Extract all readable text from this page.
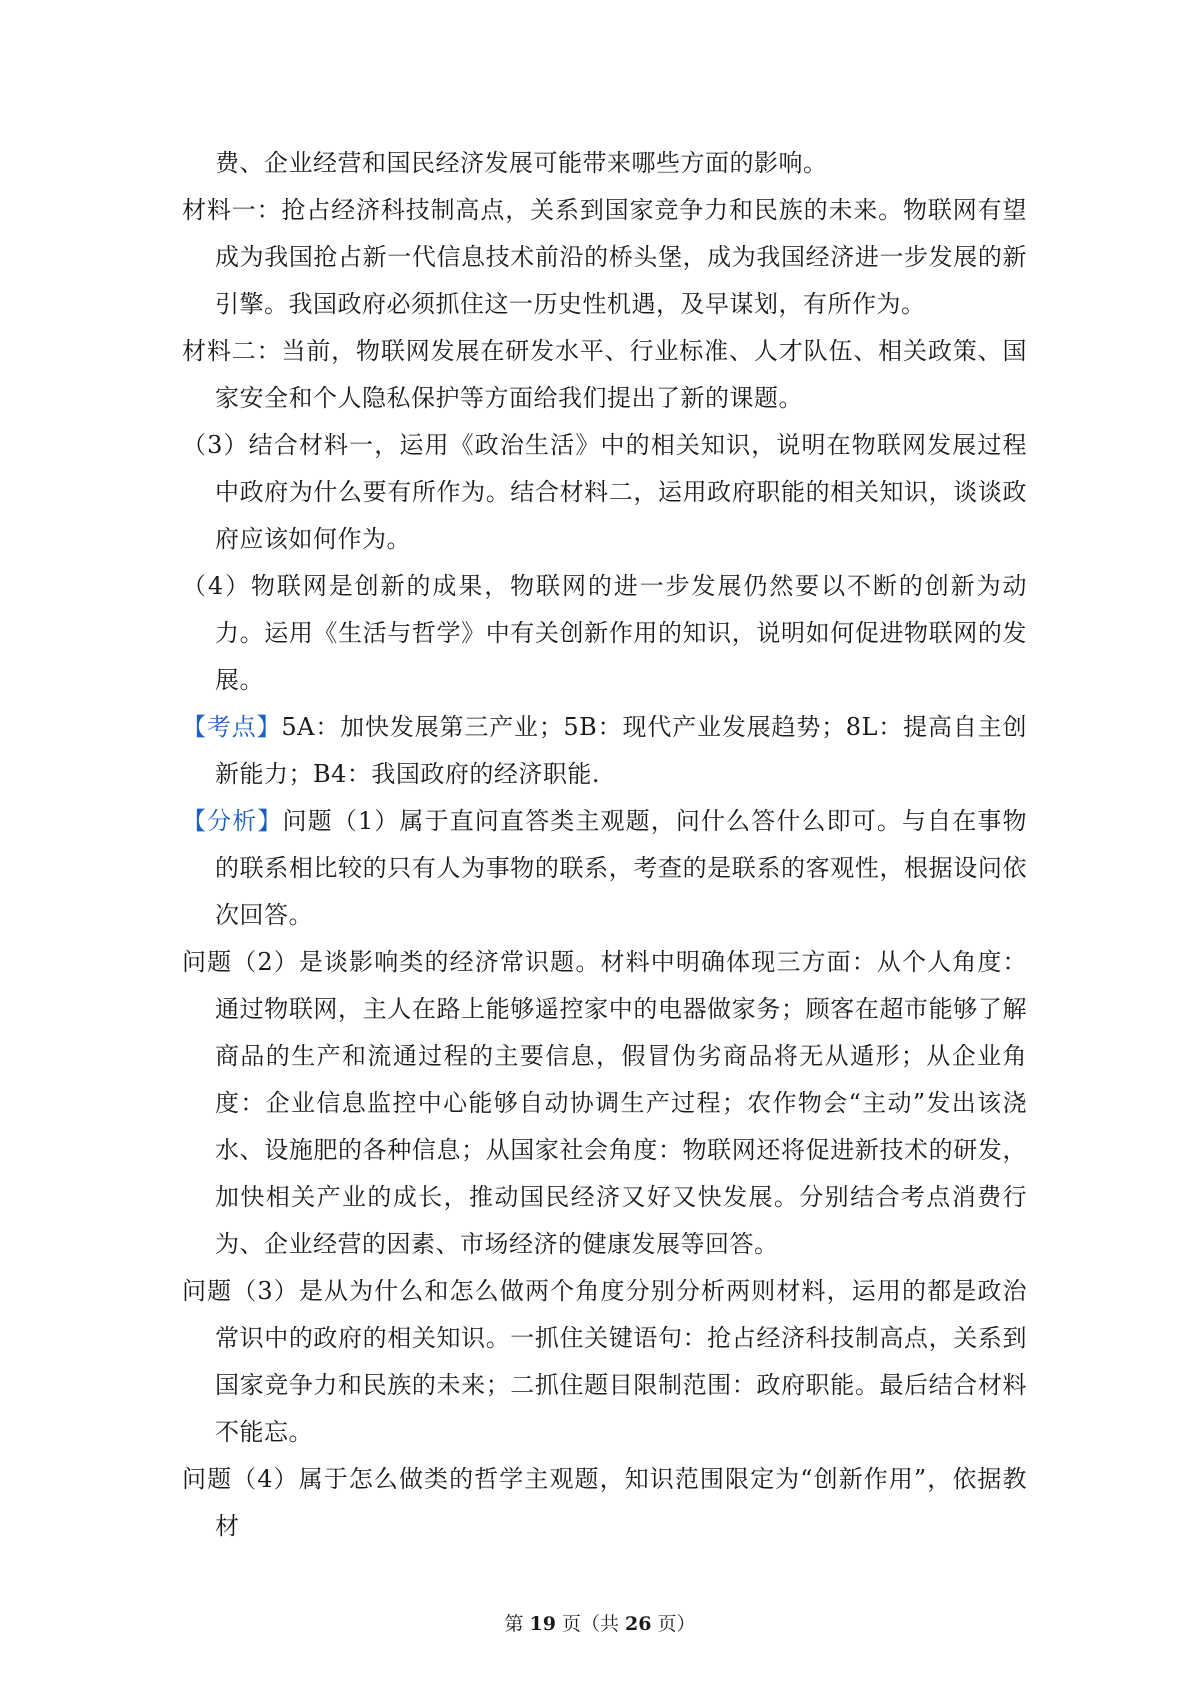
费、企业经营和国民经济发展可能带来哪些方面的影响。
材料一：抢占经济科技制高点，关系到国家竞争力和民族的未来。物联网有望成为我国抢占新一代信息技术前沿的桥头堡，成为我国经济进一步发展的新引擎。我国政府必须抓住这一历史性机遇，及早谋划，有所作为。
材料二：当前，物联网发展在研发水平、行业标准、人才队伍、相关政策、国家安全和个人隐私保护等方面给我们提出了新的课题。
（3）结合材料一，运用《政治生活》中的相关知识，说明在物联网发展过程中政府为什么要有所作为。结合材料二，运用政府职能的相关知识，谈谈政府应该如何作为。
（4）物联网是创新的成果，物联网的进一步发展仍然要以不断的创新为动力。运用《生活与哲学》中有关创新作用的知识，说明如何促进物联网的发展。
【考点】5A：加快发展第三产业；5B：现代产业发展趋势；8L：提高自主创新能力；B4：我国政府的经济职能.
【分析】问题（1）属于直问直答类主观题，问什么答什么即可。与自在事物的联系相比较的只有人为事物的联系，考查的是联系的客观性，根据设问依次回答。
问题（2）是谈影响类的经济常识题。材料中明确体现三方面：从个人角度：通过物联网，主人在路上能够遥控家中的电器做家务；顾客在超市能够了解商品的生产和流通过程的主要信息，假冒伪劣商品将无从遁形；从企业角度：企业信息监控中心能够自动协调生产过程；农作物会“主动”发出该浇水、设施肥的各种信息；从国家社会角度：物联网还将促进新技术的研发，加快相关产业的成长，推动国民经济又好又快发展。分别结合考点消费行为、企业经营的因素、市场经济的健康发展等回答。
问题（3）是从为什么和怎么做两个角度分别分析两则材料，运用的都是政治常识中的政府的相关知识。一抓住关键语句：抢占经济科技制高点，关系到国家竞争力和民族的未来；二抓住题目限制范围：政府职能。最后结合材料不能忘。
问题（4）属于怎么做类的哲学主观题，知识范围限定为“创新作用”，依据教材
第 19 页（共 26 页）
